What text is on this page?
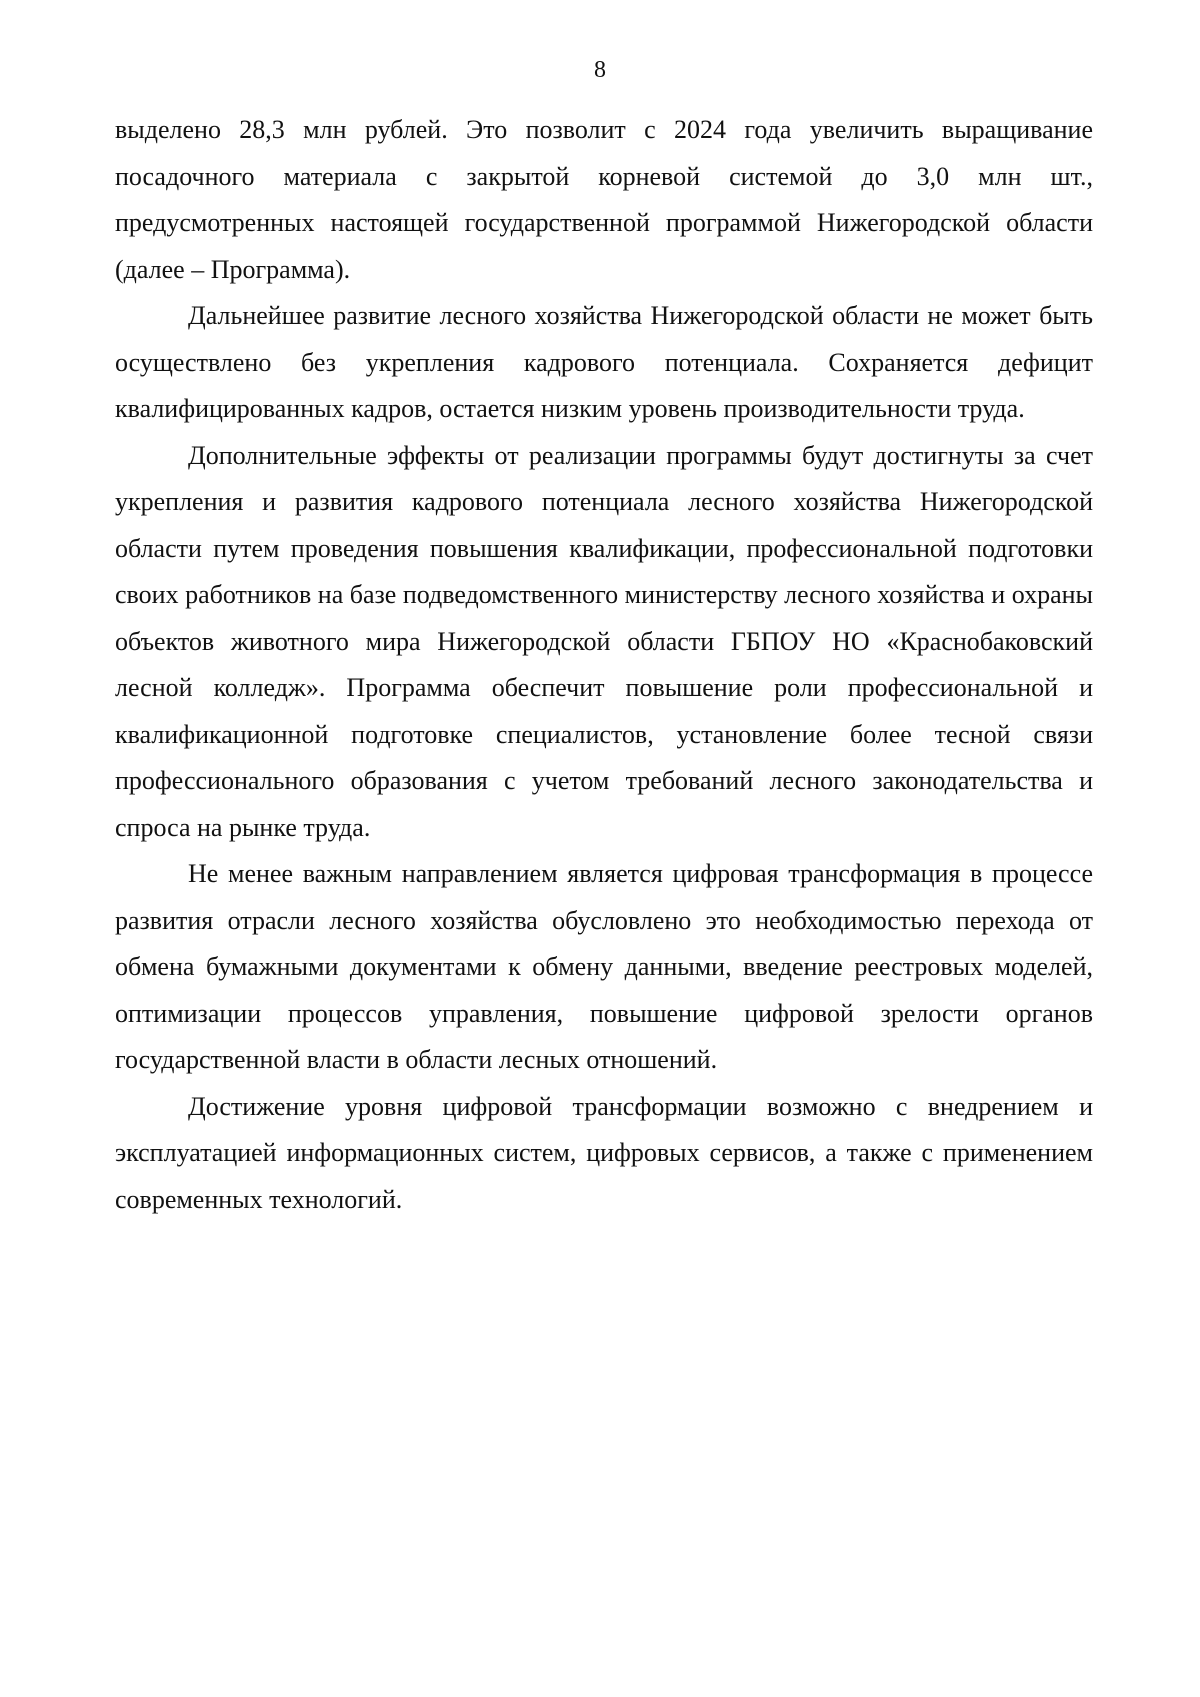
8

выделено 28,3 млн рублей. Это позволит с 2024 года увеличить выращивание посадочного материала с закрытой корневой системой до 3,0 млн шт., предусмотренных настоящей государственной программой Нижегородской области (далее – Программа).

Дальнейшее развитие лесного хозяйства Нижегородской области не может быть осуществлено без укрепления кадрового потенциала. Сохраняется дефицит квалифицированных кадров, остается низким уровень производительности труда.

Дополнительные эффекты от реализации программы будут достигнуты за счет укрепления и развития кадрового потенциала лесного хозяйства Нижегородской области путем проведения повышения квалификации, профессиональной подготовки своих работников на базе подведомственного министерству лесного хозяйства и охраны объектов животного мира Нижегородской области ГБПОУ НО «Краснобаковский лесной колледж». Программа обеспечит повышение роли профессиональной и квалификационной подготовке специалистов, установление более тесной связи профессионального образования с учетом требований лесного законодательства и спроса на рынке труда.

Не менее важным направлением является цифровая трансформация в процессе развития отрасли лесного хозяйства обусловлено это необходимостью перехода от обмена бумажными документами к обмену данными, введение реестровых моделей, оптимизации процессов управления, повышение цифровой зрелости органов государственной власти в области лесных отношений.

Достижение уровня цифровой трансформации возможно с внедрением и эксплуатацией информационных систем, цифровых сервисов, а также с применением современных технологий.
